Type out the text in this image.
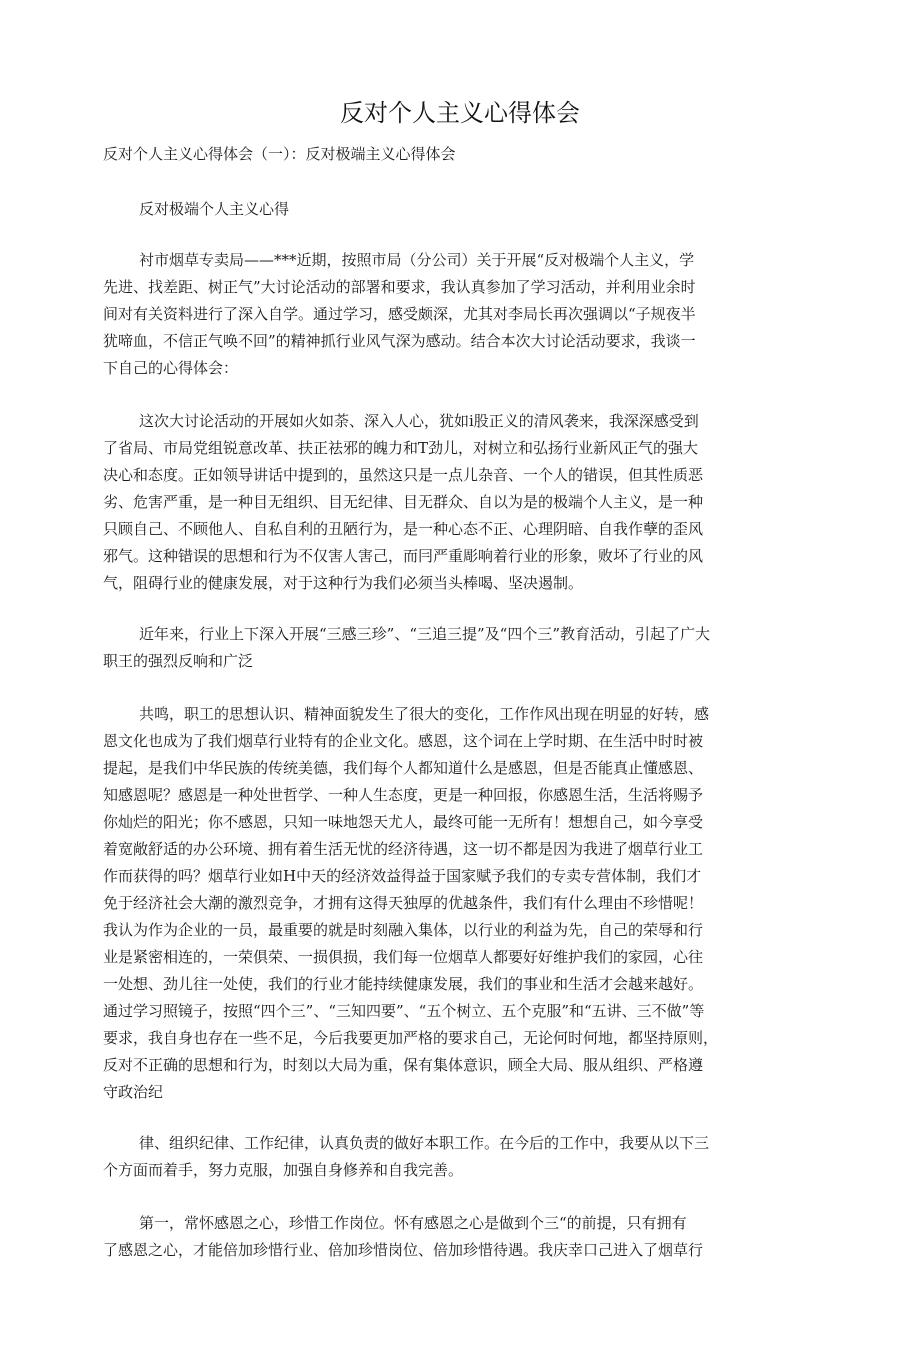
反对个人主义心得体会

反对个人主义心得体会（一）：反对极端主义心得体会

反对极端个人主义心得

衬市烟草专卖局——***近期，按照市局（分公司）关于开展“反对极端个人主义，学
先进、找差距、树正气”大讨论活动的部署和要求，我认真参加了学习活动，并利用业余时
间对有关资料进行了深入自学。通过学习，感受颇深，尤其对李局长再次强调以“子规夜半
犹啼血，不信正气唤不回”的精神抓行业风气深为感动。结合本次大讨论活动要求，我谈一
下自己的心得体会：

这次大讨论活动的开展如火如荼、深入人心，犹如i股正义的清风袭来，我深深感受到
了省局、市局党组锐意改革、扶正祛邪的魄力和T劲儿，对树立和弘扬行业新风正气的强大
决心和态度。正如领导讲话中提到的，虽然这只是一点儿杂音、一个人的错误，但其性质恶
劣、危害严重，是一种目无组织、目无纪律、目无群众、自以为是的极端个人主义，是一种
只顾自己、不顾他人、自私自利的丑陋行为，是一种心态不正、心理阴暗、自我作孽的歪风
邪气。这种错误的思想和行为不仅害人害己，而冃严重彫响着行业的形象，败坏了行业的风
气，阻碍行业的健康发展，对于这种行为我们必须当头棒喝、坚决遏制。

近年来，行业上下深入开展“三感三珍”、“三追三提”及“四个三”教育活动，引起了广大
职王的强烈反响和广泛

共鸣，职工的思想认识、精神面貌发生了很大的变化，工作作风出现在明显的好转，感
恩文化也成为了我们烟草行业特有的企业文化。感恩，这个词在上学时期、在生活中时时被
提起，是我们中华民族的传统美德，我们每个人都知道什么是感恩，但是否能真止懂感恩、
知感恩呢？感恩是一种处世哲学、一种人生态度，更是一种回报，你感恩生活，生活将赐予
你灿烂的阳光；你不感恩，只知一味地怨天尤人，最终可能一无所有！想想自己，如今享受
着宽敞舒适的办公环境、拥有着生活无忧的经济待遇，这一切不都是因为我进了烟草行业工
作而获得的吗？烟草行业如H中天的经济效益得益于国家赋予我们的专卖专营体制，我们才
免于经济社会大潮的激烈竞争，才拥有这得天独厚的优越条件，我们有什么理由不珍惜呢！
我认为作为企业的一员，最重要的就是时刻融入集体，以行业的利益为先，自己的荣辱和行
业是紧密相连的，一荣俱荣、一损俱损，我们每一位烟草人都要好好维护我们的家园，心往
一处想、劲儿往一处使，我们的行业才能持续健康发展，我们的事业和生活才会越来越好。
通过学习照镜子，按照“四个三”、“三知四要”、“五个树立、五个克服”和“五讲、三不做”等
要求，我自身也存在一些不足，今后我要更加严格的要求自己，无论何时何地，都坚持原则，
反对不正确的思想和行为，时刻以大局为重，保有集体意识，顾全大局、服从组织、严格遵
守政治纪

律、组织纪律、工作纪律，认真负责的做好本职工作。在今后的工作中，我要从以下三
个方面而着手，努力克服，加强自身修养和自我完善。

第一，常怀感恩之心，珍惜工作岗位。怀有感恩之心是做到个三“的前提，只有拥有
了感恩之心，才能倍加珍惜行业、倍加珍惜岗位、倍加珍惜待遇。我庆幸口己进入了烟草行
